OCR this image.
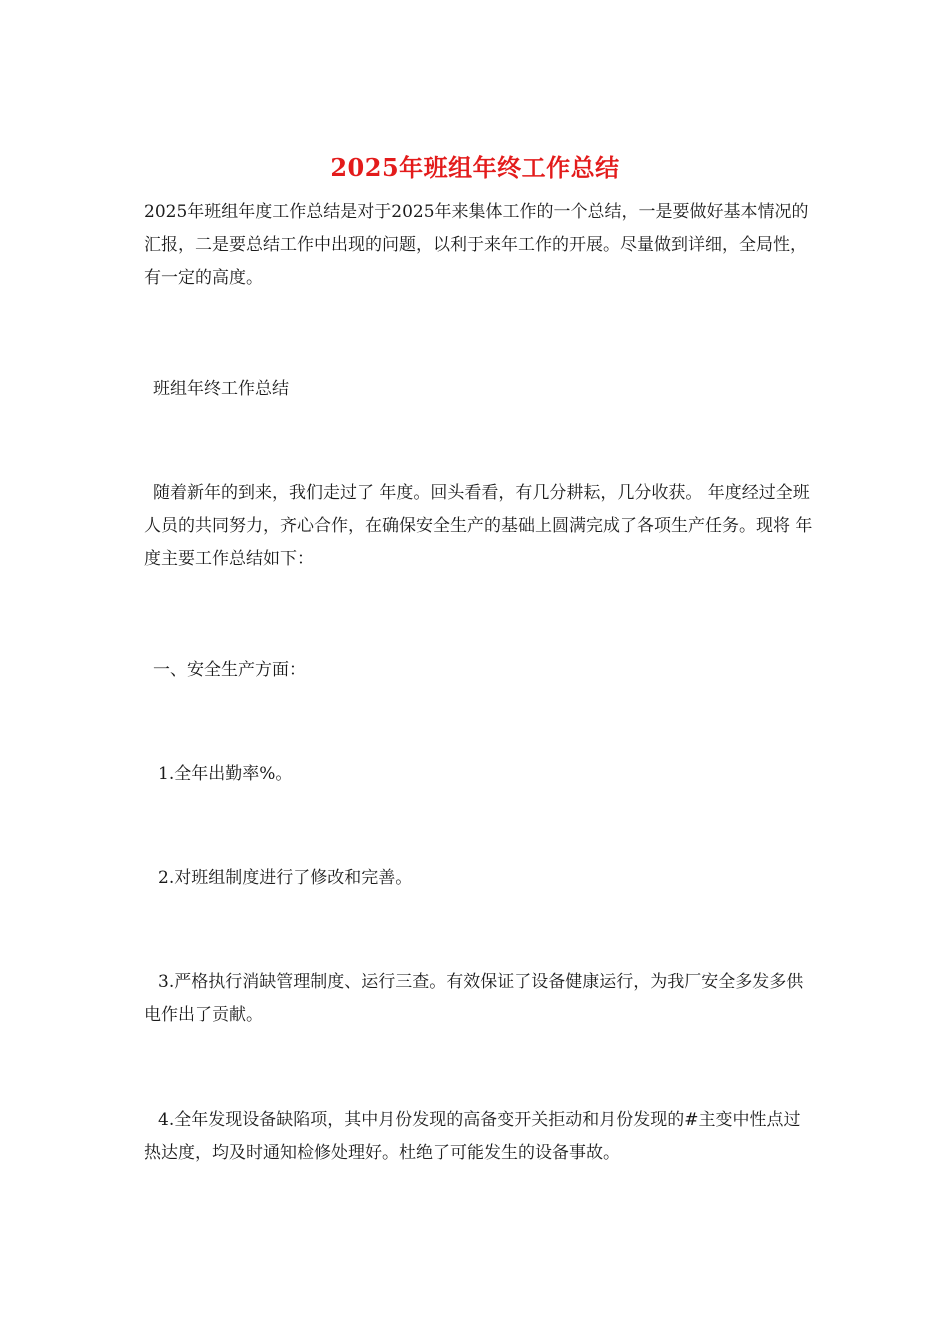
2025年班组年终工作总结

2025年班组年度工作总结是对于2025年来集体工作的一个总结，一是要做好基本情况的汇报，二是要总结工作中出现的问题，以利于来年工作的开展。尽量做到详细，全局性，有一定的高度。

班组年终工作总结

随着新年的到来，我们走过了 年度。回头看看，有几分耕耘，几分收获。 年度经过全班人员的共同努力，齐心合作，在确保安全生产的基础上圆满完成了各项生产任务。现将 年度主要工作总结如下：

一、安全生产方面：

1.全年出勤率%。

2.对班组制度进行了修改和完善。

3.严格执行消缺管理制度、运行三查。有效保证了设备健康运行，为我厂安全多发多供电作出了贡献。

4.全年发现设备缺陷项，其中月份发现的高备变开关拒动和月份发现的#主变中性点过热达度，均及时通知检修处理好。杜绝了可能发生的设备事故。
